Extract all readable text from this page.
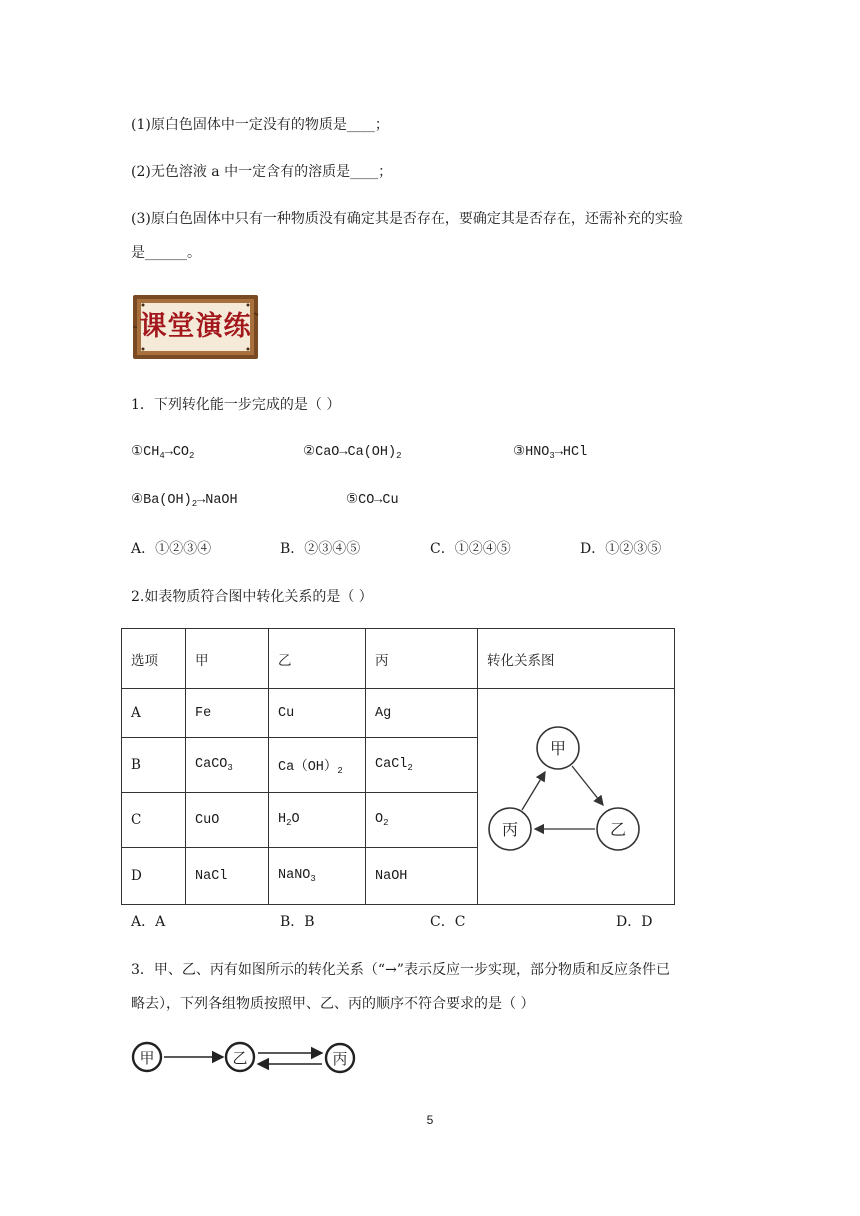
(1)原白色固体中一定没有的物质是____；
(2)无色溶液 a 中一定含有的溶质是____；
(3)原白色固体中只有一种物质没有确定其是否存在，要确定其是否存在，还需补充的实验
是______。
课堂演练
1．下列转化能一步完成的是（ ）
$①CH_4\to CO_2$	$②CaO\to Ca(OH)_2$	$③HNO_3\to HCl$
$④Ba(OH)_2\to NaOH$	⑤CO→Cu
A．①②③④	B．②③④⑤	C．①②④⑤	D．①②③⑤
2.如表物质符合图中转化关系的是（ ）
选项	甲	乙	丙	转化关系图
A	Fe	Cu	Ag	甲
乙
丙

B	CaCO$_3$	$Ca(OH)_2$	CaCl$_2$
C	CuO	$H_2O$	$O_2$
D	NaCl	NaNO$_3$	NaOH	
A．A	B．B	C．C	D．D
3．甲、乙、丙有如图所示的转化关系（“→”表示反应一步实现，部分物质和反应条件已
略去），下列各组物质按照甲、乙、丙的顺序不符合要求的是（ ）
甲	乙	丙
5
